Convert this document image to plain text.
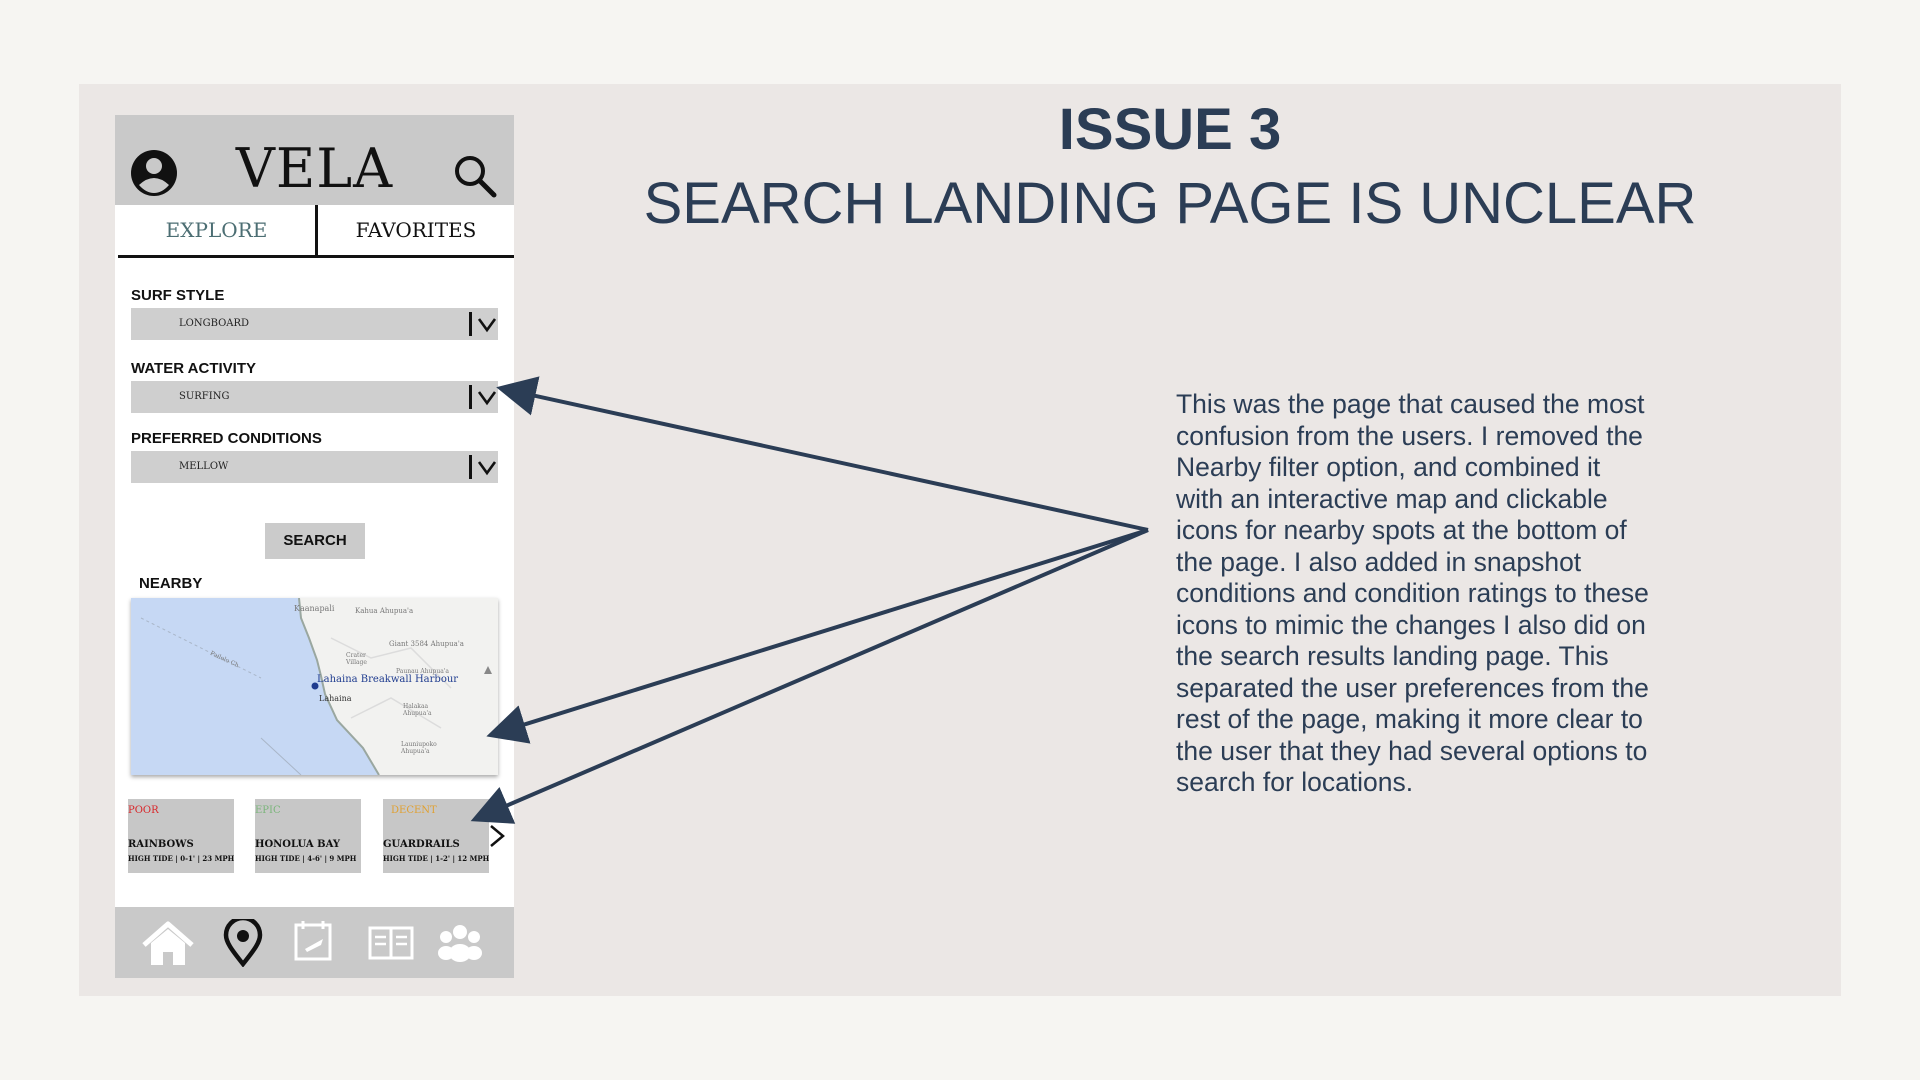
VELA
EXPLORE	FAVORITES
SURF STYLE
LONGBOARD
WATER ACTIVITY
SURFING
PREFERRED CONDITIONS
MELLOW
SEARCH
NEARBY
Kaanapali	Kahua Ahupua'a
Giant 3584 Ahupua'a
Crater Village
Lahaina
Paunau Ahupua'a
Halakaa Ahupua'a
Launiupoko Ahupua'a
Pailolo Ch
Lahaina Breakwall Harbour
POOR
RAINBOWS
HIGH TIDE | 0-1' | 23 MPH
EPIC
HONOLUA BAY
HIGH TIDE | 4-6' | 9 MPH
DECENT
GUARDRAILS
HIGH TIDE | 1-2' | 12 MPH
ISSUE 3
SEARCH LANDING PAGE IS UNCLEAR
This was the page that caused the most
confusion from the users. I removed the
Nearby filter option, and combined it
with an interactive map and clickable
icons for nearby spots at the bottom of
the page. I also added in snapshot
conditions and condition ratings to these
icons to mimic the changes I also did on
the search results landing page. This
separated the user preferences from the
rest of the page, making it more clear to
the user that they had several options to
search for locations.
